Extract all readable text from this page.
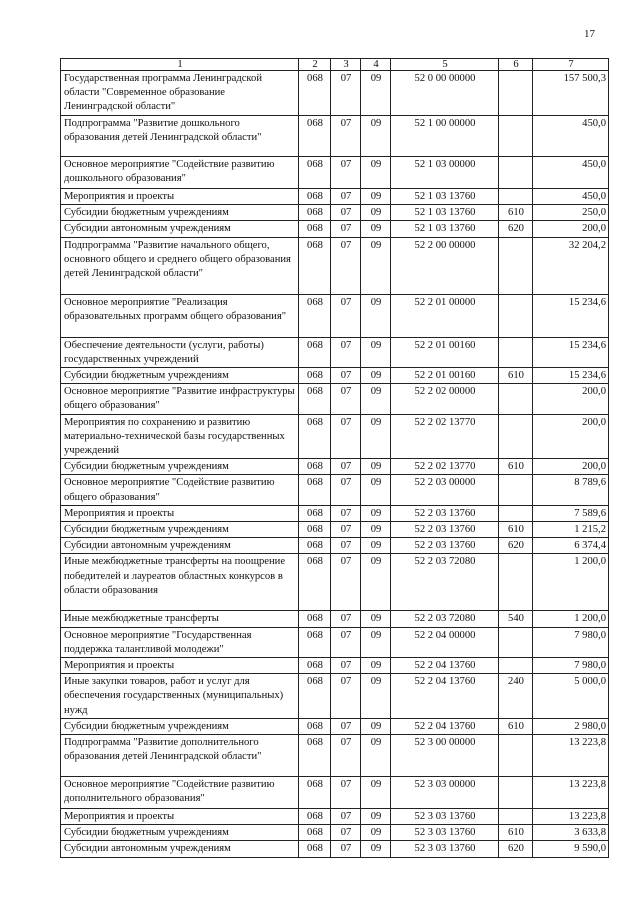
17
1	2	3	4	5	6	7
Государственная программа Ленинградской области "Современное образование Ленинградской области"	068	07	09	52 0 00 00000		157 500,3
Подпрограмма "Развитие дошкольного образования детей Ленинградской области"	068	07	09	52 1 00 00000		450,0
Основное мероприятие "Содействие развитию дошкольного образования"	068	07	09	52 1 03 00000		450,0
Мероприятия и проекты	068	07	09	52 1 03 13760		450,0
Субсидии бюджетным учреждениям	068	07	09	52 1 03 13760	610	250,0
Субсидии автономным учреждениям	068	07	09	52 1 03 13760	620	200,0
Подпрограмма "Развитие начального общего, основного общего и среднего общего образования детей Ленинградской области"	068	07	09	52 2 00 00000		32 204,2
Основное мероприятие "Реализация образовательных программ общего образования"	068	07	09	52 2 01 00000		15 234,6
Обеспечение деятельности (услуги, работы) государственных учреждений	068	07	09	52 2 01 00160		15 234,6
Субсидии бюджетным учреждениям	068	07	09	52 2 01 00160	610	15 234,6
Основное мероприятие "Развитие инфраструктуры общего образования"	068	07	09	52 2 02 00000		200,0
Мероприятия по сохранению и развитию материально-технической базы государственных учреждений	068	07	09	52 2 02 13770		200,0
Субсидии бюджетным учреждениям	068	07	09	52 2 02 13770	610	200,0
Основное мероприятие "Содействие развитию общего образования"	068	07	09	52 2 03 00000		8 789,6
Мероприятия и проекты	068	07	09	52 2 03 13760		7 589,6
Субсидии бюджетным учреждениям	068	07	09	52 2 03 13760	610	1 215,2
Субсидии автономным учреждениям	068	07	09	52 2 03 13760	620	6 374,4
Иные межбюджетные трансферты на поощрение победителей и лауреатов областных конкурсов в области образования	068	07	09	52 2 03 72080		1 200,0
Иные межбюджетные трансферты	068	07	09	52 2 03 72080	540	1 200,0
Основное мероприятие "Государственная поддержка талантливой молодежи"	068	07	09	52 2 04 00000		7 980,0
Мероприятия и проекты	068	07	09	52 2 04 13760		7 980,0
Иные закупки товаров, работ и услуг для обеспечения государственных (муниципальных) нужд	068	07	09	52 2 04 13760	240	5 000,0
Субсидии бюджетным учреждениям	068	07	09	52 2 04 13760	610	2 980,0
Подпрограмма "Развитие дополнительного образования детей Ленинградской области"	068	07	09	52 3 00 00000		13 223,8
Основное мероприятие "Содействие развитию дополнительного образования"	068	07	09	52 3 03 00000		13 223,8
Мероприятия и проекты	068	07	09	52 3 03 13760		13 223,8
Субсидии бюджетным учреждениям	068	07	09	52 3 03 13760	610	3 633,8
Субсидии автономным учреждениям	068	07	09	52 3 03 13760	620	9 590,0
